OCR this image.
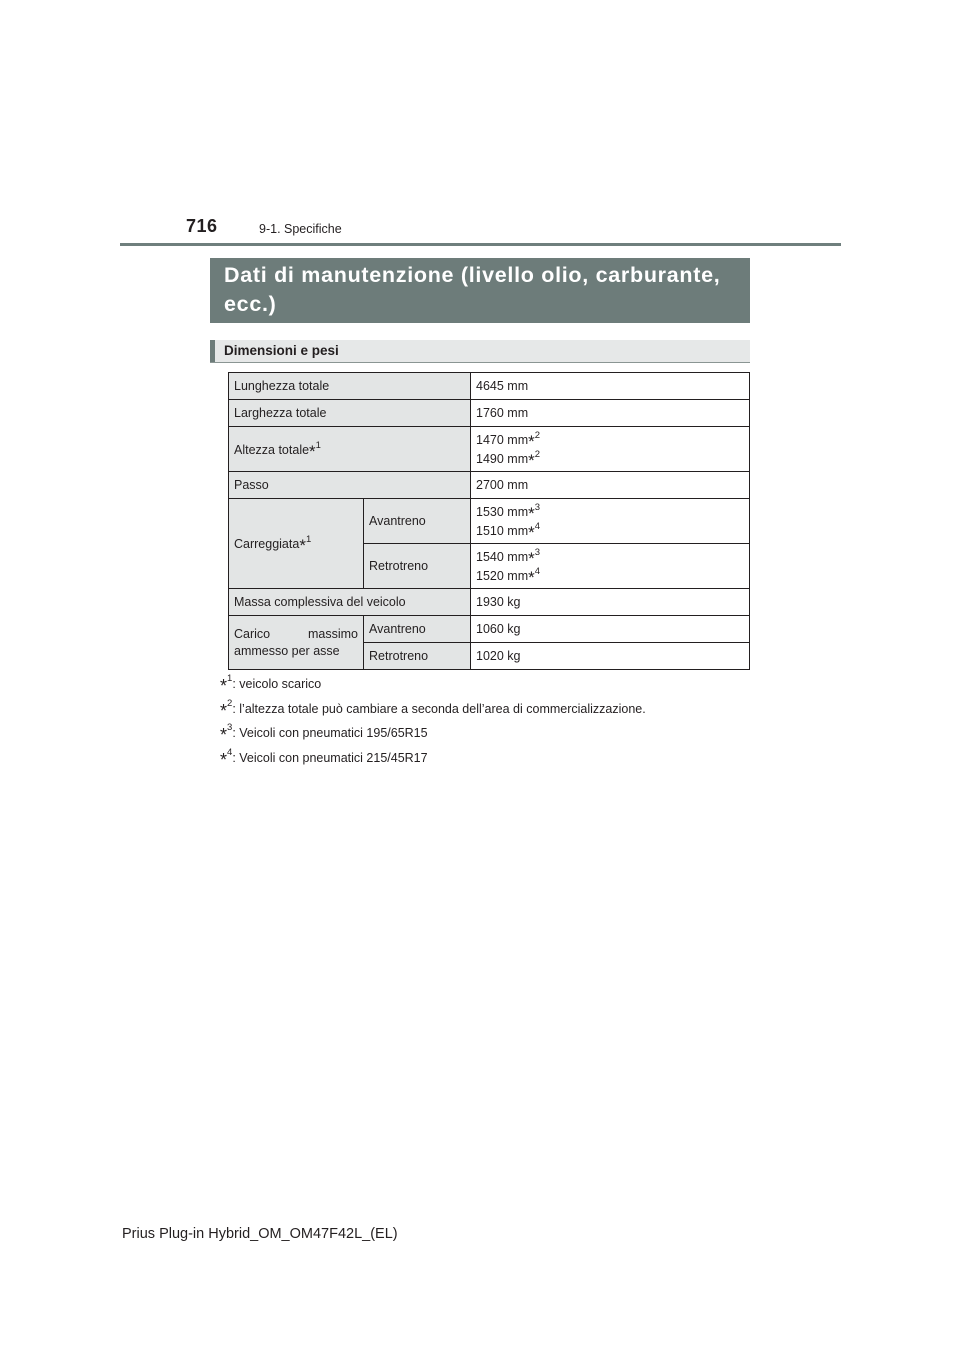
716	9-1. Specifiche
Dati di manutenzione (livello olio, carburante, ecc.)
Dimensioni e pesi
Lunghezza totale		4645 mm
Larghezza totale		1760 mm
Altezza totale*$^1$		1470 mm*$^2$
1490 mm*$^2$
Passo		2700 mm
Carreggiata*$^1$	Avantreno	1530 mm*$^3$
1510 mm*$^4$
	Retrotreno	1540 mm*$^3$
1520 mm*$^4$
Massa complessiva del veicolo		1930 kg
Carico massimo ammesso per asse	Avantreno	1060 kg
	Retrotreno	1020 kg
*$^1$: veicolo scarico
*$^2$: l’altezza totale può cambiare a seconda dell’area di commercializzazione.
*$^3$: Veicoli con pneumatici 195/65R15
*$^4$: Veicoli con pneumatici 215/45R17
Prius Plug-in Hybrid_OM_OM47F42L_(EL)
